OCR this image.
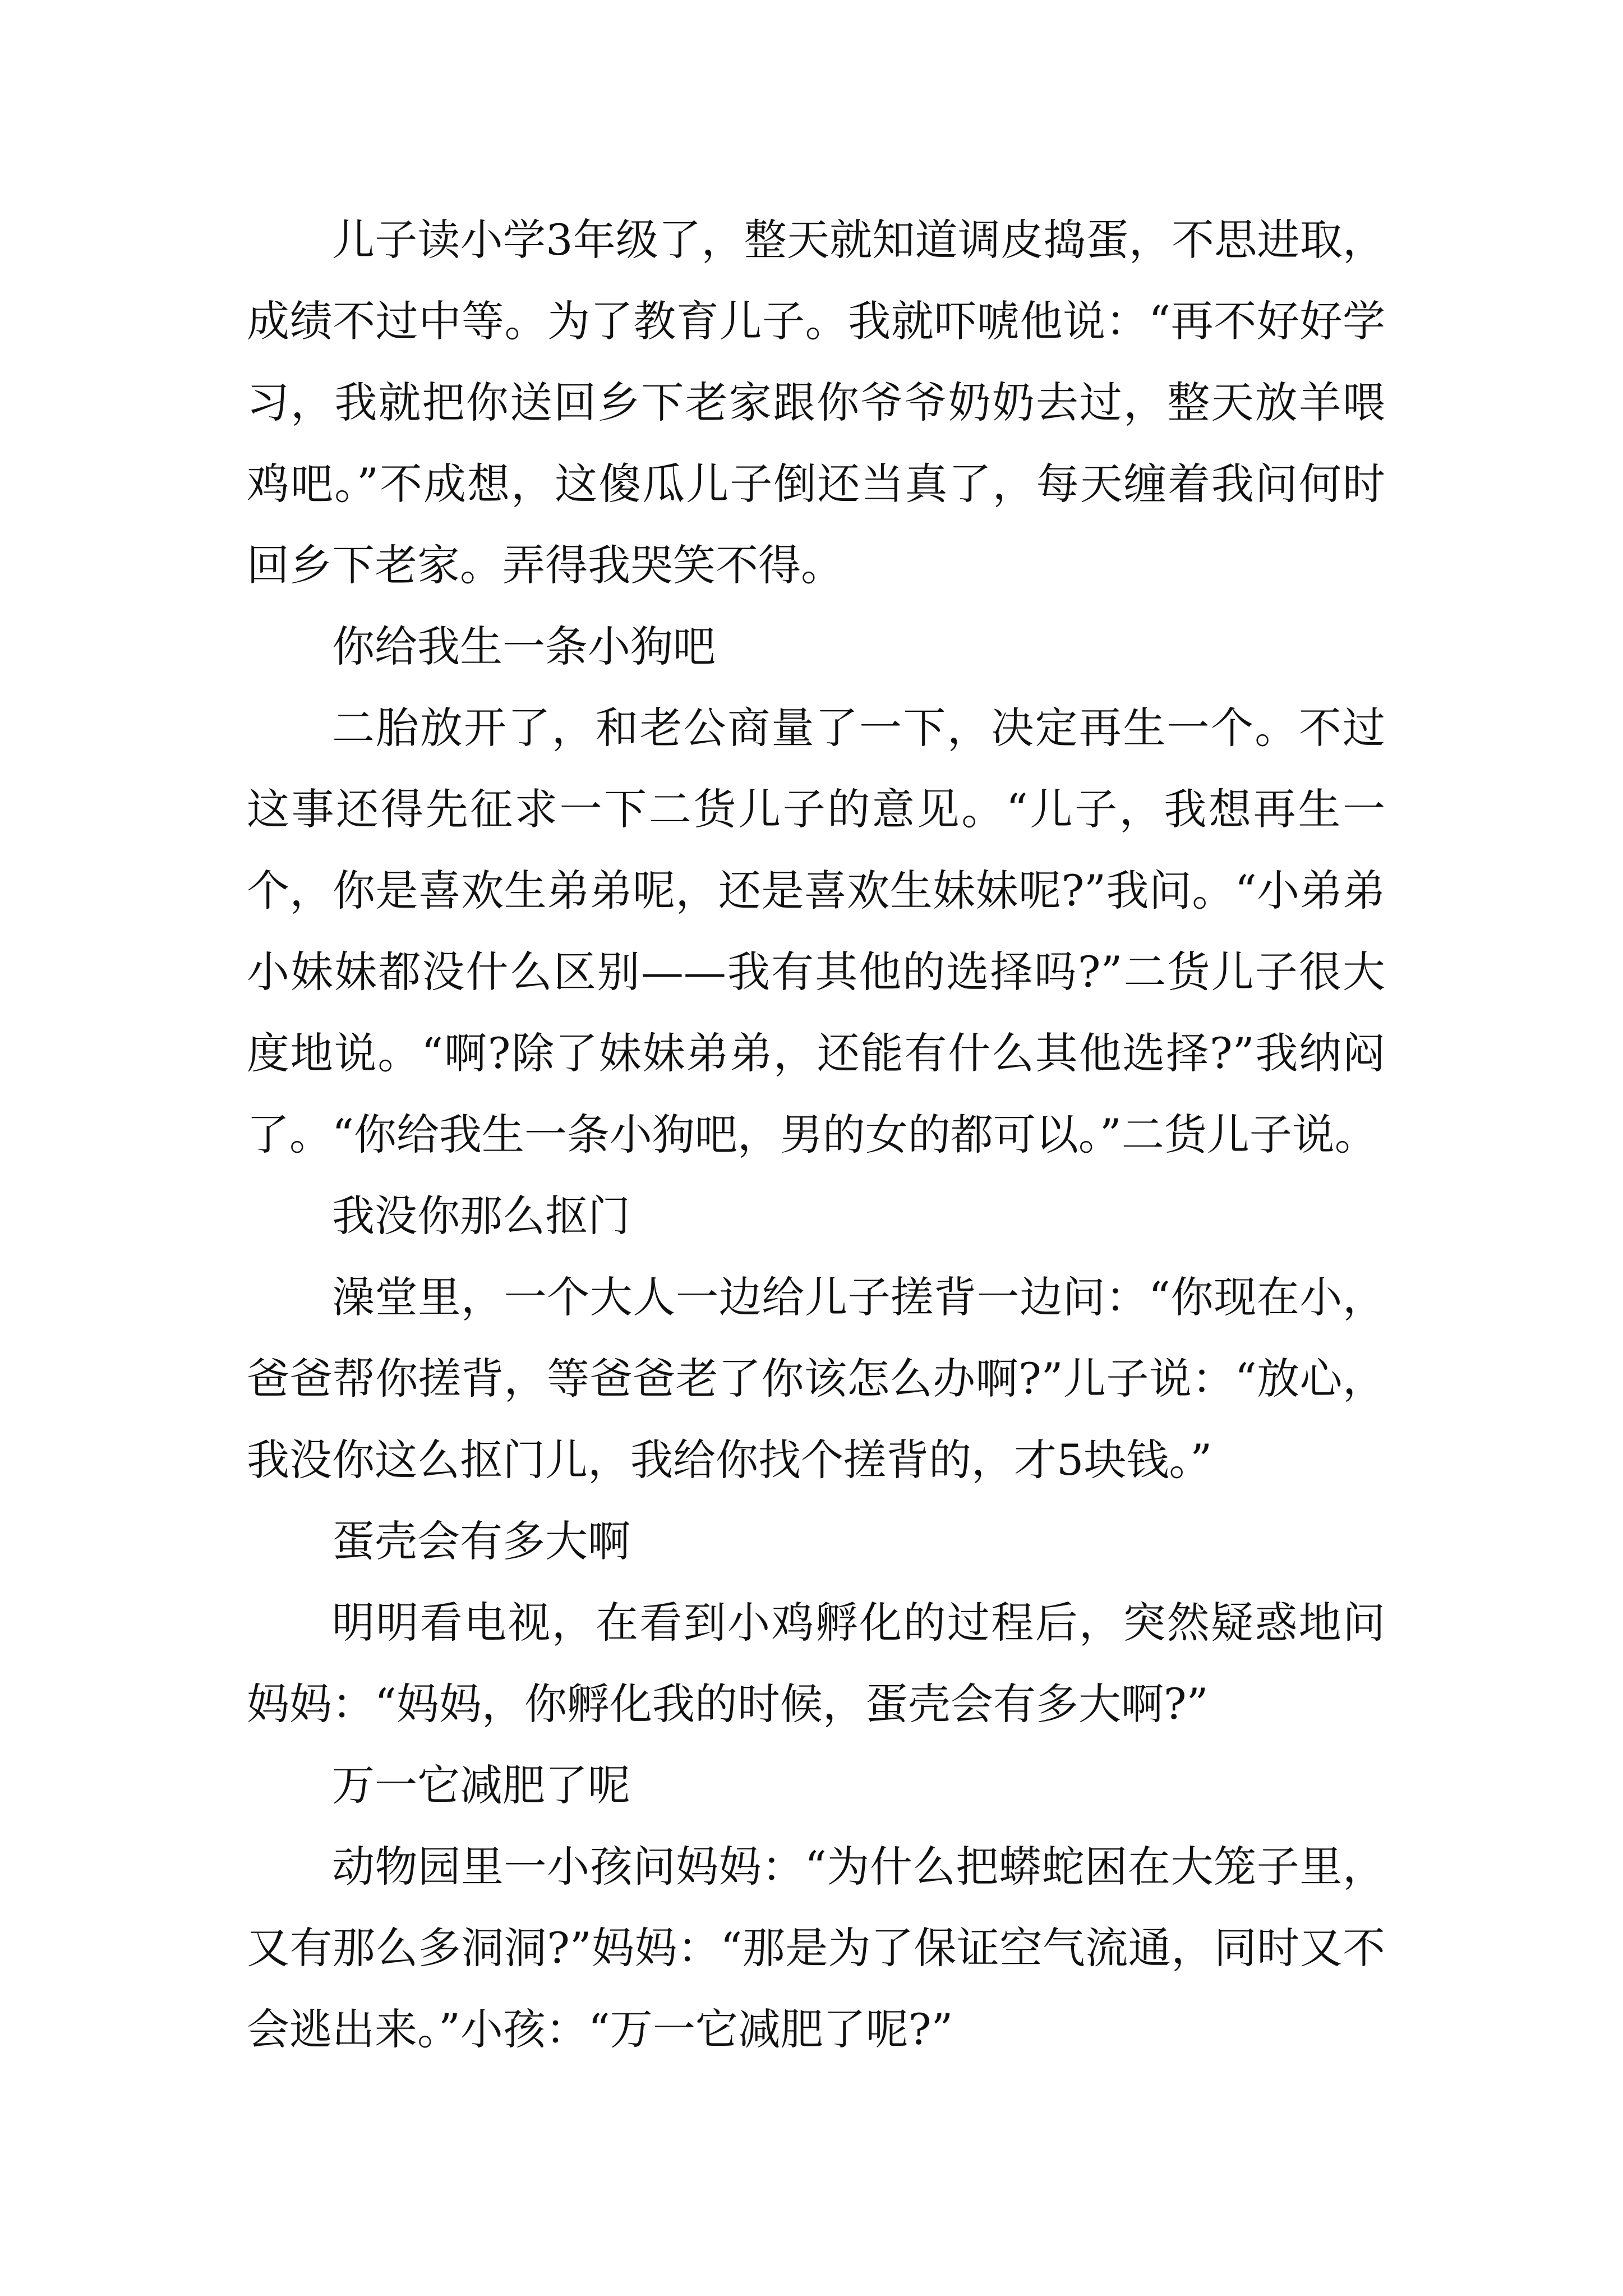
儿子读小学3年级了，整天就知道调皮捣蛋，不思进取，成绩不过中等。为了教育儿子。我就吓唬他说：“再不好好学习，我就把你送回乡下老家跟你爷爷奶奶去过，整天放羊喂鸡吧。”不成想，这傻瓜儿子倒还当真了，每天缠着我问何时回乡下老家。弄得我哭笑不得。

你给我生一条小狗吧

二胎放开了，和老公商量了一下，决定再生一个。不过这事还得先征求一下二货儿子的意见。“儿子，我想再生一个，你是喜欢生弟弟呢，还是喜欢生妹妹呢?”我问。“小弟弟小妹妹都没什么区别——我有其他的选择吗?”二货儿子很大度地说。“啊?除了妹妹弟弟，还能有什么其他选择?”我纳闷了。“你给我生一条小狗吧，男的女的都可以。”二货儿子说。

我没你那么抠门

澡堂里，一个大人一边给儿子搓背一边问：“你现在小，爸爸帮你搓背，等爸爸老了你该怎么办啊?”儿子说：“放心，我没你这么抠门儿，我给你找个搓背的，才5块钱。”

蛋壳会有多大啊

明明看电视，在看到小鸡孵化的过程后，突然疑惑地问妈妈：“妈妈，你孵化我的时候，蛋壳会有多大啊?”

万一它减肥了呢

动物园里一小孩问妈妈：“为什么把蟒蛇困在大笼子里，又有那么多洞洞?”妈妈：“那是为了保证空气流通，同时又不会逃出来。”小孩：“万一它减肥了呢?”
